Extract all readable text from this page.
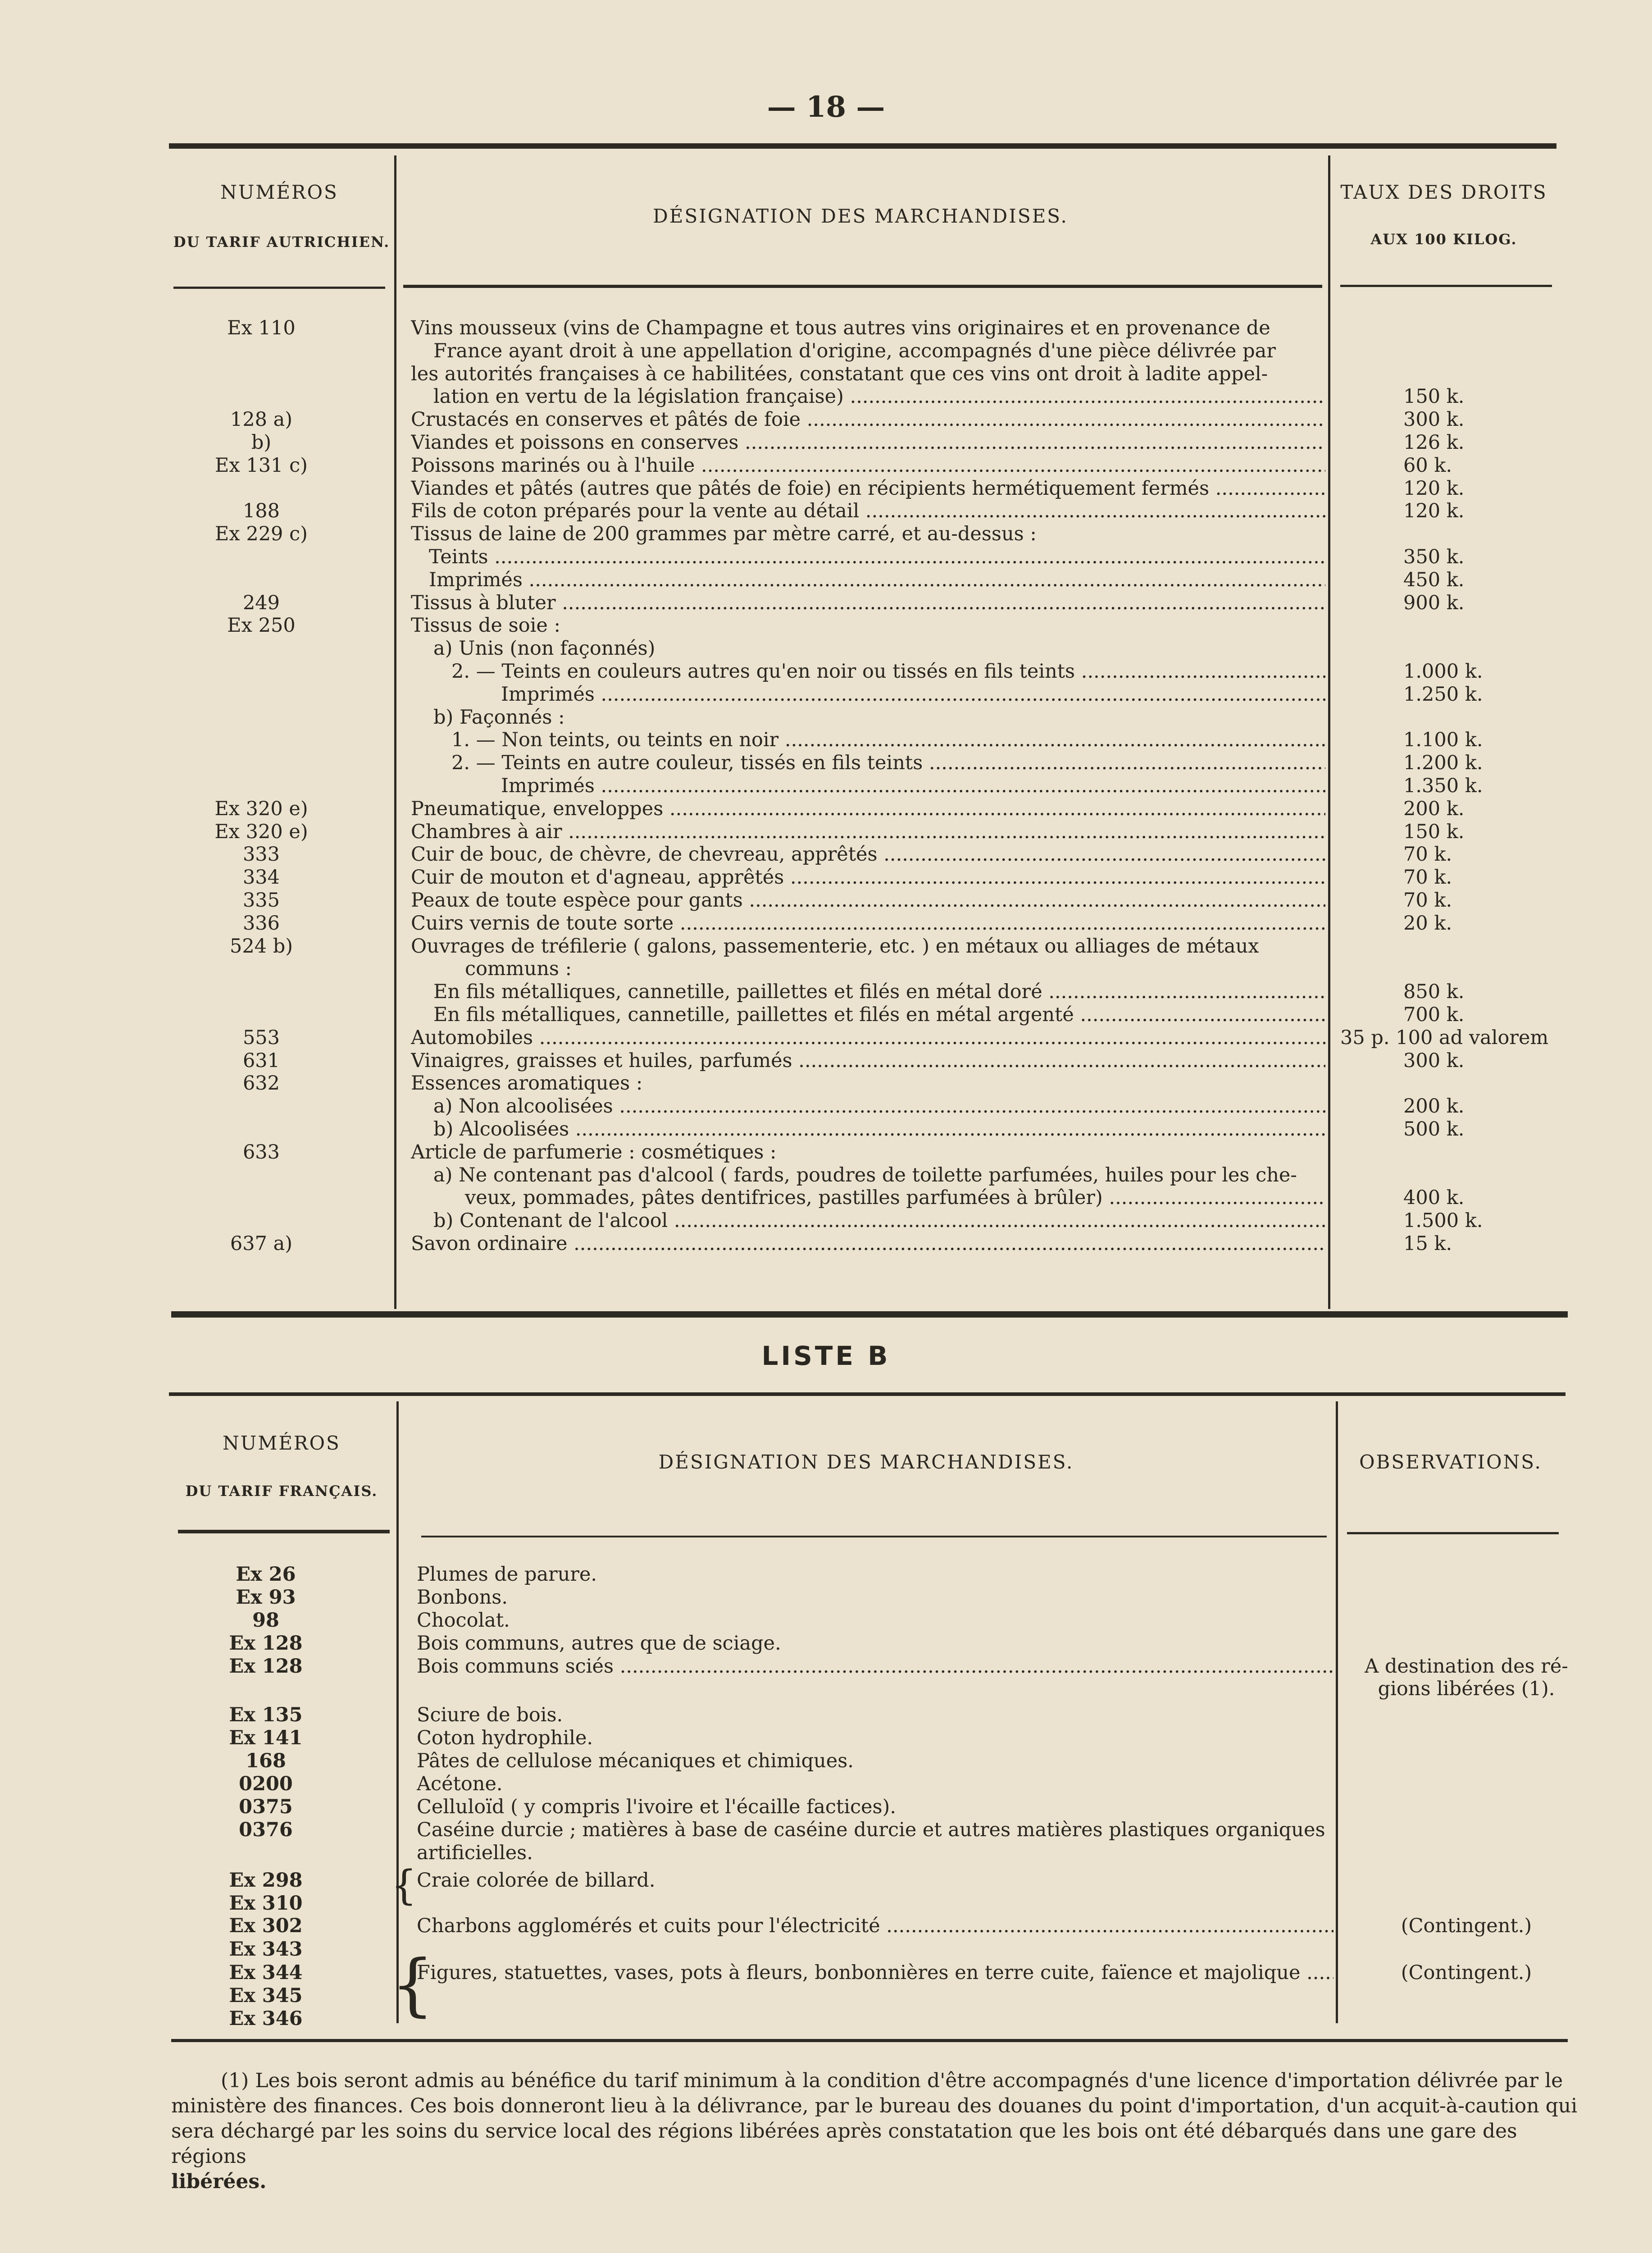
— 18 —
NUMÉROS
DU TARIF AUTRICHIEN.
DÉSIGNATION DES MARCHANDISES.
TAUX DES DROITS
AUX 100 KILOG.
Ex 110	Vins mousseux (vins de Champagne et tous autres vins originaires et en provenance de
France ayant droit à une appellation d'origine, accompagnés d'une pièce délivrée par
les autorités françaises à ce habilitées, constatant que ces vins ont droit à ladite appel-
lation en vertu de la législation française) .....	150 k.
128 a)	Crustacés en conserves et pâtés de foie .....	300 k.
b)	Viandes et poissons en conserves .....	126 k.
Ex 131 c)	Poissons marinés ou à l'huile .....	60 k.
Viandes et pâtés (autres que pâtés de foie) en récipients hermétiquement fermés .....	120 k.
188	Fils de coton préparés pour la vente au détail .....	120 k.
Ex 229 c)	Tissus de laine de 200 grammes par mètre carré, et au-dessus :
Teints .....	350 k.
Imprimés .....	450 k.
249	Tissus à bluter .....	900 k.
Ex 250	Tissus de soie :
a) Unis (non façonnés)
2. — Teints en couleurs autres qu'en noir ou tissés en fils teints .....	1.000 k.
Imprimés .....	1.250 k.
b) Façonnés :
1. — Non teints, ou teints en noir .....	1.100 k.
2. — Teints en autre couleur, tissés en fils teints .....	1.200 k.
Imprimés .....	1.350 k.
Ex 320 e)	Pneumatique, enveloppes .....	200 k.
Ex 320 e)	Chambres à air .....	150 k.
333	Cuir de bouc, de chèvre, de chevreau, apprêtés .....	70 k.
334	Cuir de mouton et d'agneau, apprêtés .....	70 k.
335	Peaux de toute espèce pour gants .....	70 k.
336	Cuirs vernis de toute sorte .....	20 k.
524 b)	Ouvrages de tréfilerie ( galons, passementerie, etc. ) en métaux ou alliages de métaux
communs :
En fils métalliques, cannetille, paillettes et filés en métal doré .....	850 k.
En fils métalliques, cannetille, paillettes et filés en métal argenté .....	700 k.
553	Automobiles .....	35 p. 100 ad valorem
631	Vinaigres, graisses et huiles, parfumés .....	300 k.
632	Essences aromatiques :
a) Non alcoolisées .....	200 k.
b) Alcoolisées .....	500 k.
633	Article de parfumerie : cosmétiques :
a) Ne contenant pas d'alcool ( fards, poudres de toilette parfumées, huiles pour les che-
veux, pommades, pâtes dentifrices, pastilles parfumées à brûler) .....	400 k.
b) Contenant de l'alcool .....	1.500 k.
637 a)	Savon ordinaire .....	15 k.
LISTE B
NUMÉROS
DU TARIF FRANÇAIS.
DÉSIGNATION DES MARCHANDISES.	OBSERVATIONS.
Ex 26	Plumes de parure.
Ex 93	Bonbons.
98	Chocolat.
Ex 128	Bois communs, autres que de sciage.
Ex 128	Bois communs sciés .....	A destination des ré-
gions libérées (1).
Ex 135	Sciure de bois.
Ex 141	Coton hydrophile.
168	Pâtes de cellulose mécaniques et chimiques.
0200	Acétone.
0375	Celluloïd ( y compris l'ivoire et l'écaille factices).
0376	Caséine durcie ; matières à base de caséine durcie et autres matières plastiques organiques
artificielles.
Ex 298	Craie colorée de billard.
Ex 310
Ex 302	Charbons agglomérés et cuits pour l'électricité .....	(Contingent.)
Ex 343
Ex 344	Figures, statuettes, vases, pots à fleurs, bonbonnières en terre cuite, faïence et majolique .....	(Contingent.)
Ex 345
Ex 346
{
{

(1) Les bois seront admis au bénéfice du tarif minimum à la condition d'être accompagnés d'une licence d'importation délivrée par le

ministère des finances. Ces bois donneront lieu à la délivrance, par le bureau des douanes du point d'importation, d'un acquit-à-caution qui

sera déchargé par les soins du service local des régions libérées après constatation que les bois ont été débarqués dans une gare des régions

libérées.
